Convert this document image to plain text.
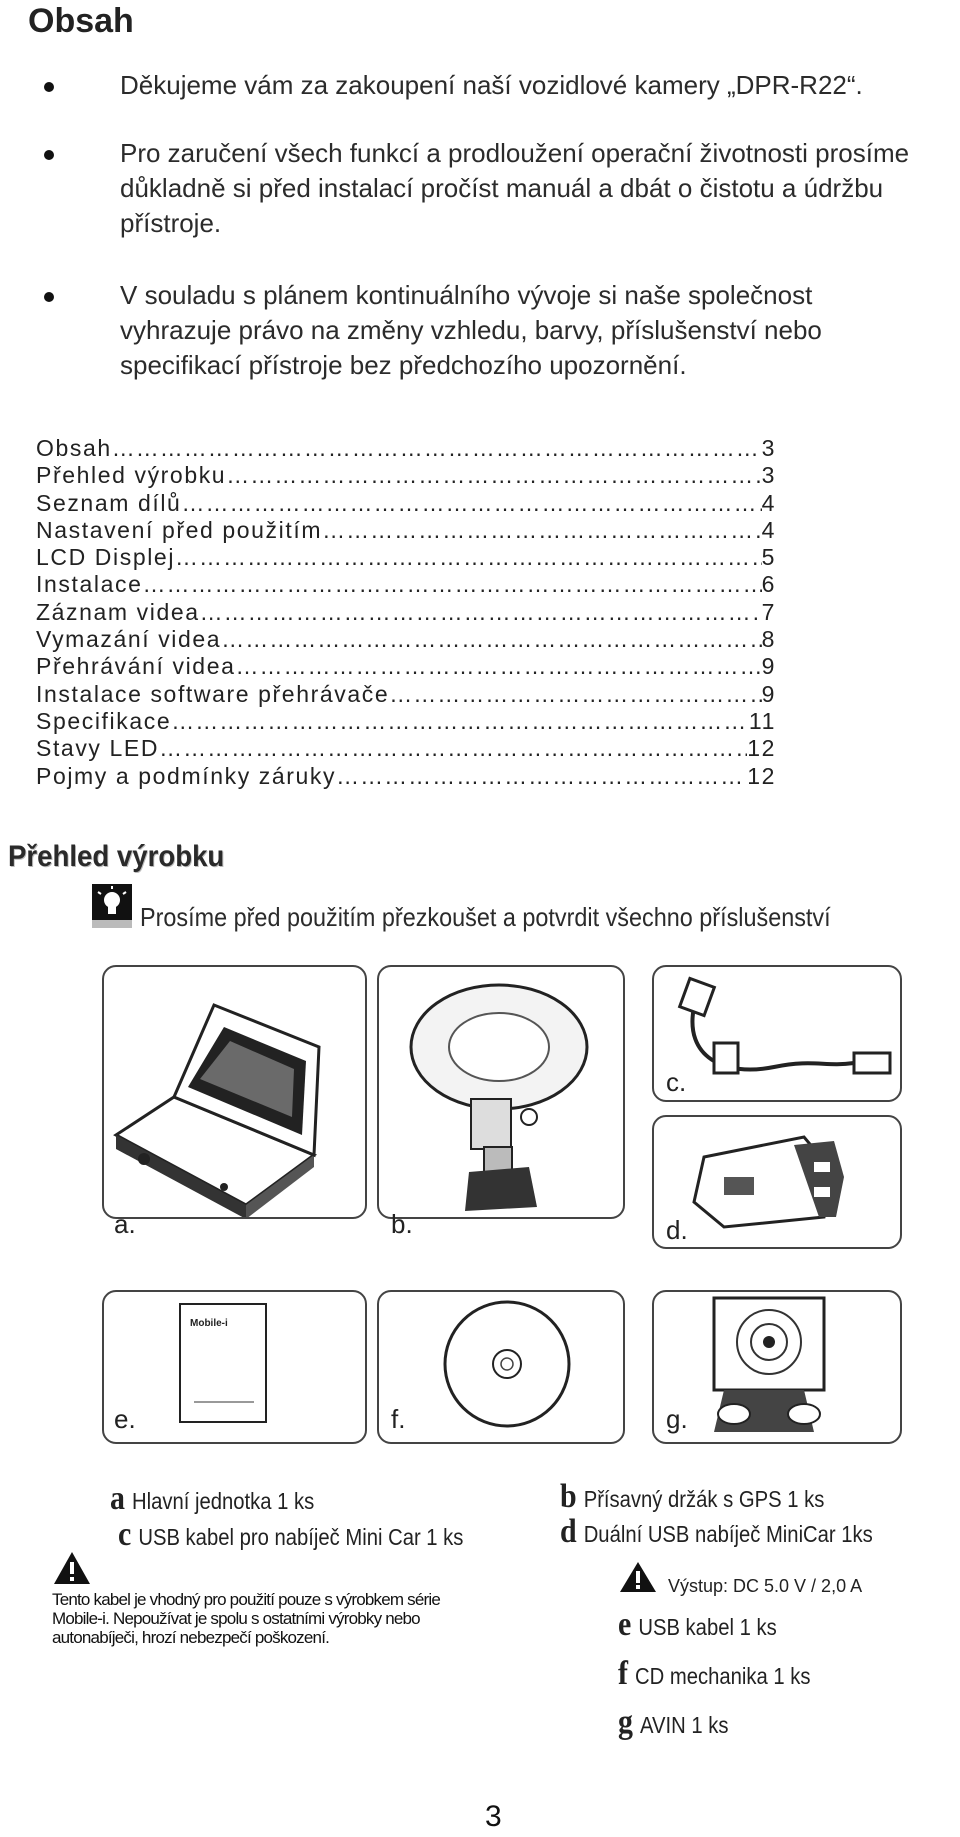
Obsah
Děkujeme vám za zakoupení naší vozidlové kamery „DPR-R22“.
Pro zaručení všech funkcí a prodloužení operační životnosti prosíme důkladně si před instalací pročíst manuál a dbát o čistotu a údržbu přístroje.
V souladu s plánem kontinuálního vývoje si naše společnost vyhrazuje právo na změny vzhledu, barvy, příslušenství nebo specifikací přístroje bez předchozího upozornění.
Obsah ……………………………………………………………………………………………………………………………………	3
Přehled výrobku ……………………………………………………………………………………………………………………………………	3
Seznam dílů ……………………………………………………………………………………………………………………………………	4
Nastavení před použitím ……………………………………………………………………………………………………………………………………	4
LCD Displej ……………………………………………………………………………………………………………………………………	5
Instalace ……………………………………………………………………………………………………………………………………	6
Záznam videa ……………………………………………………………………………………………………………………………………	7
Vymazání videa ……………………………………………………………………………………………………………………………………	8
Přehrávání videa ……………………………………………………………………………………………………………………………………	9
Instalace software přehrávače ……………………………………………………………………………………………………………………………………	9
Specifikace ……………………………………………………………………………………………………………………………………	11
Stavy LED ……………………………………………………………………………………………………………………………………	12
Pojmy a podmínky záruky ……………………………………………………………………………………………………………………………………	12
Přehled výrobku
Prosíme před použitím přezkoušet a potvrdit všechno příslušenství
a.	b.
c.
d.
Mobile-i
e.	f.	g.
a Hlavní jednotka 1 ks
c USB kabel pro nabíječ Mini Car 1 ks
Tento kabel je vhodný pro použití pouze s výrobkem série Mobile-i. Nepoužívat je spolu s ostatními výrobky nebo autonabíječi, hrozí nebezpečí poškození.
b Přísavný držák s GPS 1 ks
d Duální USB nabíječ MiniCar 1ks
Výstup: DC 5.0 V / 2,0 A
e USB kabel 1 ks
f CD mechanika 1 ks
g AVIN 1 ks
3
